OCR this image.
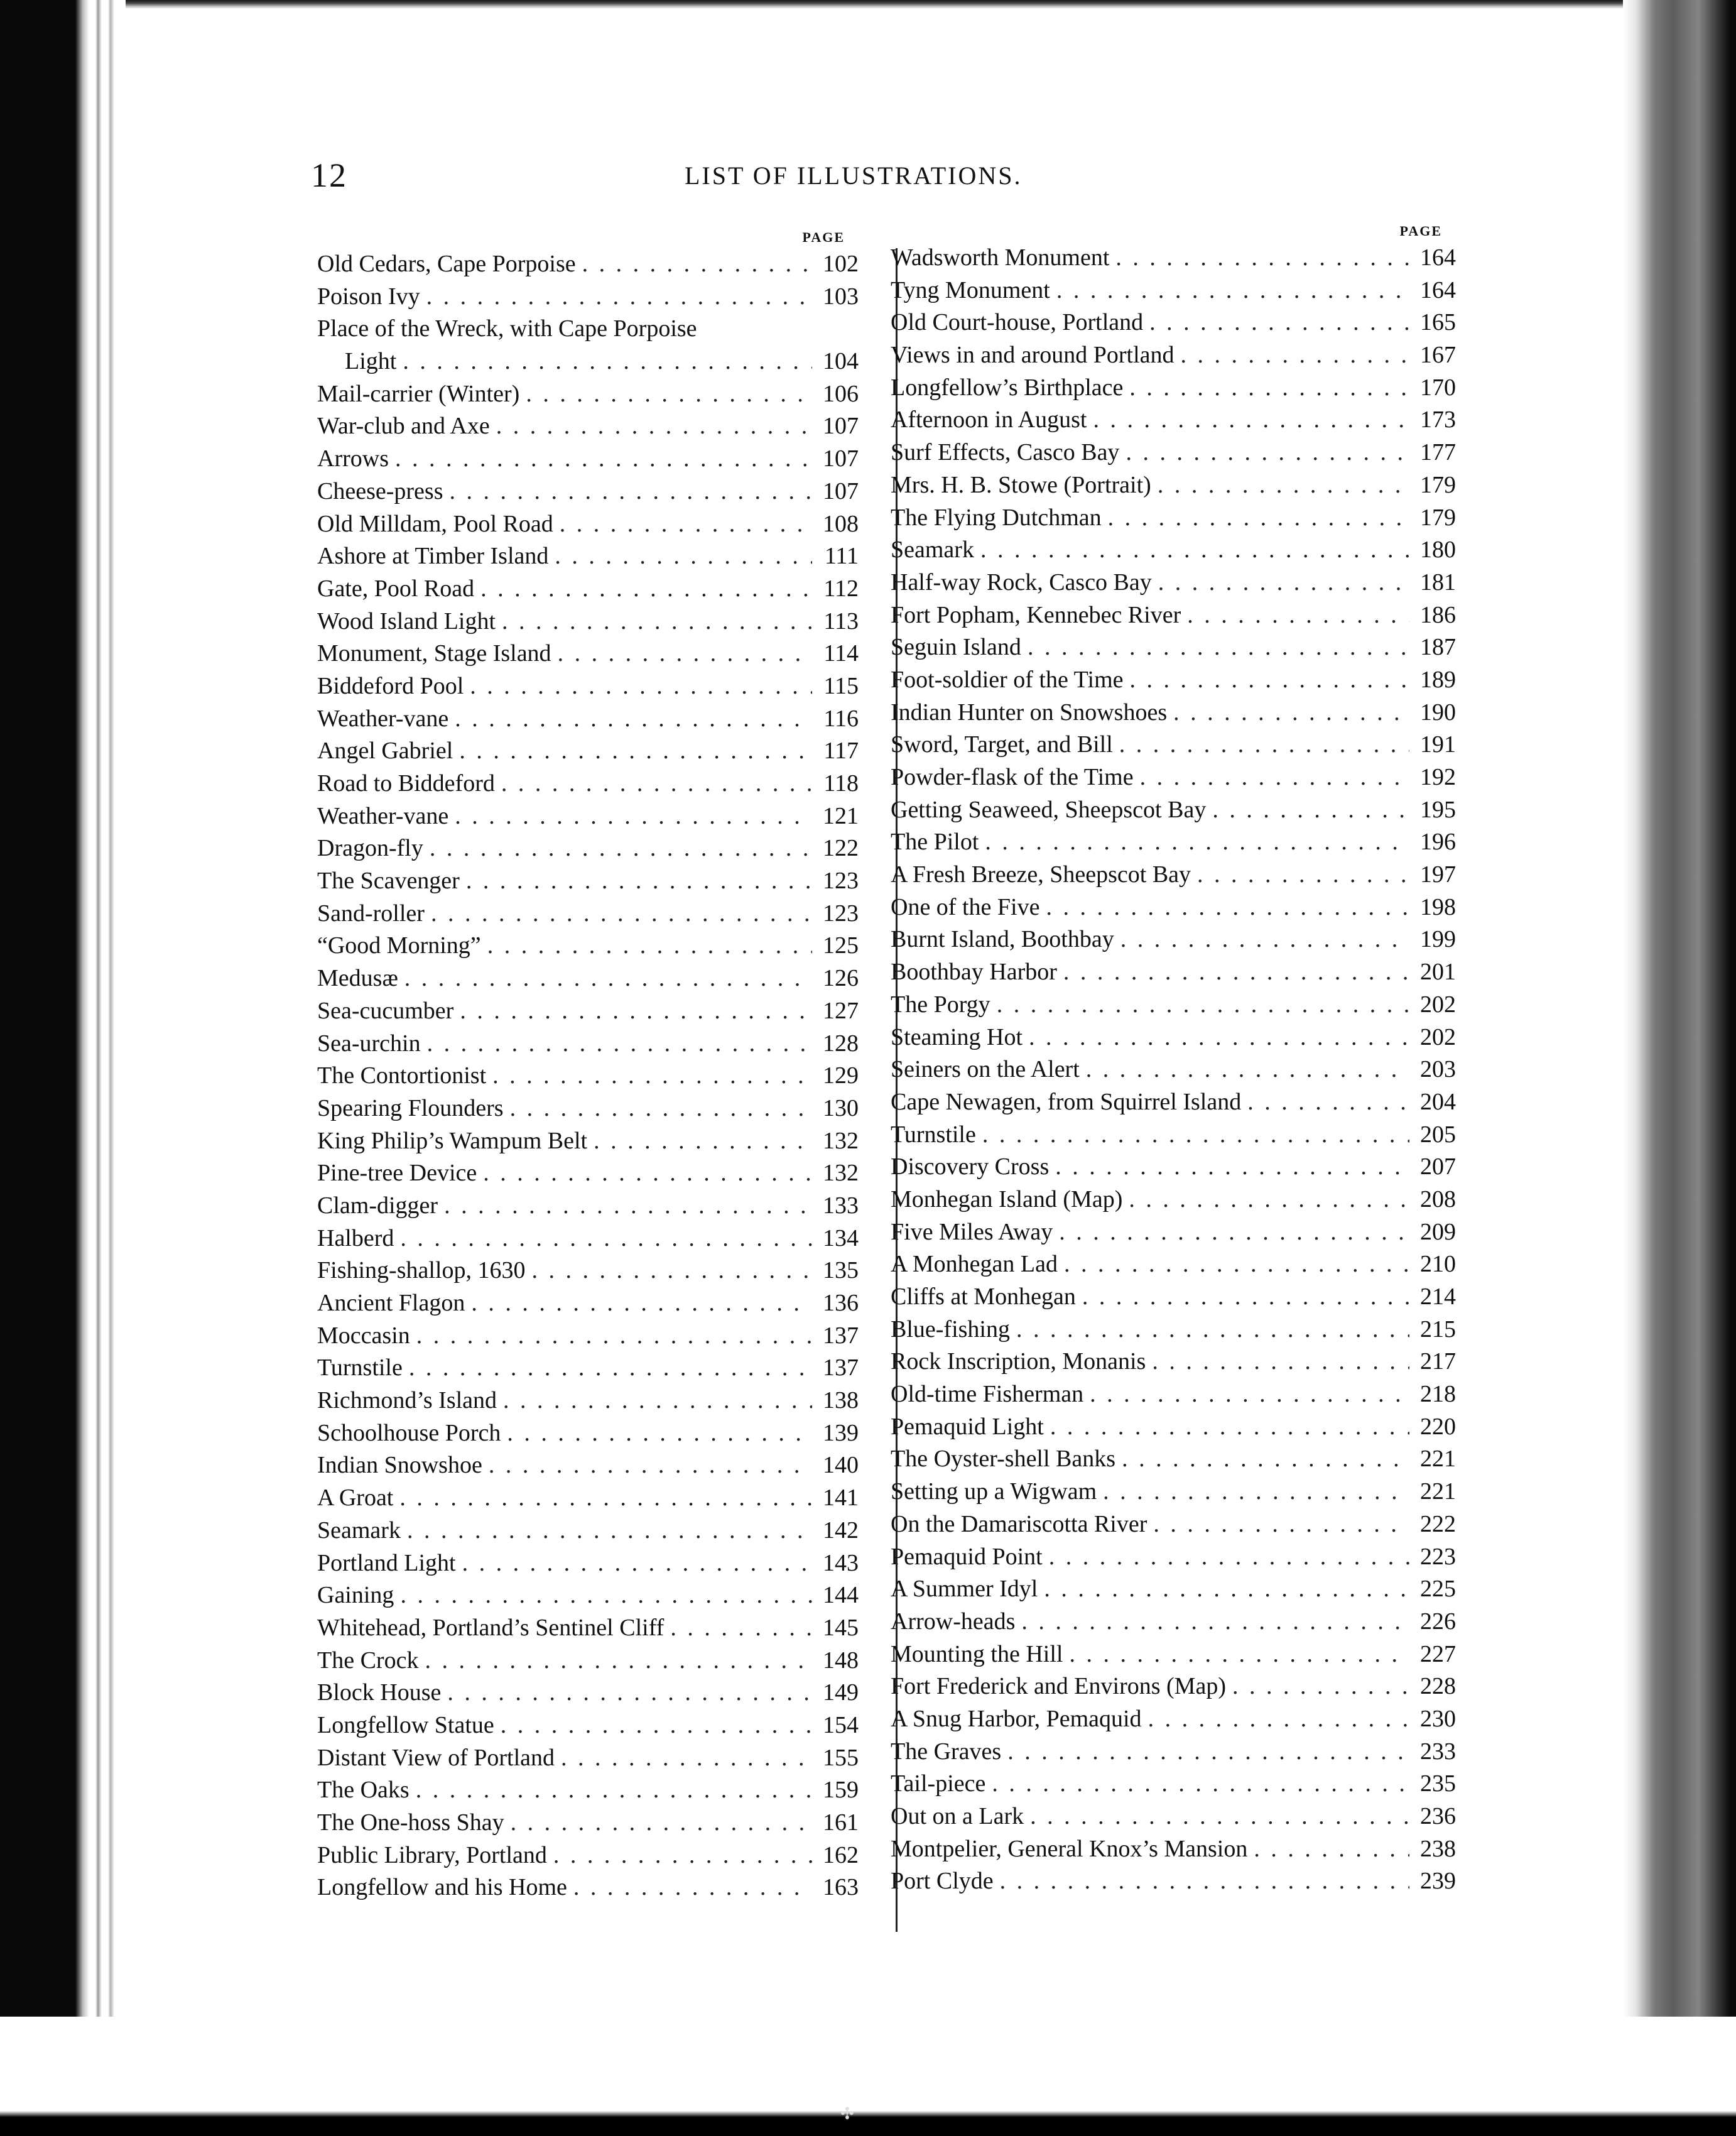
12	LIST OF ILLUSTRATIONS.
PAGE
Old Cedars, Cape Porpoise . . .	102
Poison Ivy . . .	103
Place of the Wreck, with Cape Porpoise
Light . . .	104
Mail-carrier (Winter) . . .	106
War-club and Axe . . .	107
Arrows . . .	107
Cheese-press . . .	107
Old Milldam, Pool Road . . .	108
Ashore at Timber Island . . .	111
Gate, Pool Road . . .	112
Wood Island Light . . .	113
Monument, Stage Island . . .	114
Biddeford Pool . . .	115
Weather-vane . . .	116
Angel Gabriel . . .	117
Road to Biddeford . . .	118
Weather-vane . . .	121
Dragon-fly . . .	122
The Scavenger . . .	123
Sand-roller . . .	123
“Good Morning” . . .	125
Medusæ . . .	126
Sea-cucumber . . .	127
Sea-urchin . . .	128
The Contortionist . . .	129
Spearing Flounders . . .	130
King Philip’s Wampum Belt . . .	132
Pine-tree Device . . .	132
Clam-digger . . .	133
Halberd . . .	134
Fishing-shallop, 1630 . . .	135
Ancient Flagon . . .	136
Moccasin . . .	137
Turnstile . . .	137
Richmond’s Island . . .	138
Schoolhouse Porch . . .	139
Indian Snowshoe . . .	140
A Groat . . .	141
Seamark . . .	142
Portland Light . . .	143
Gaining . . .	144
Whitehead, Portland’s Sentinel Cliff . . .	145
The Crock . . .	148
Block House . . .	149
Longfellow Statue . . .	154
Distant View of Portland . . .	155
The Oaks . . .	159
The One-hoss Shay . . .	161
Public Library, Portland . . .	162
Longfellow and his Home . . .	163
PAGE
Wadsworth Monument . . .	164
Tyng Monument . . .	164
Old Court-house, Portland . . .	165
Views in and around Portland . . .	167
Longfellow’s Birthplace . . .	170
Afternoon in August . . .	173
Surf Effects, Casco Bay . . .	177
Mrs. H. B. Stowe (Portrait) . . .	179
The Flying Dutchman . . .	179
Seamark . . .	180
Half-way Rock, Casco Bay . . .	181
Fort Popham, Kennebec River . . .	186
Seguin Island . . .	187
Foot-soldier of the Time . . .	189
Indian Hunter on Snowshoes . . .	190
Sword, Target, and Bill . . .	191
Powder-flask of the Time . . .	192
Getting Seaweed, Sheepscot Bay . . .	195
The Pilot . . .	196
A Fresh Breeze, Sheepscot Bay . . .	197
One of the Five . . .	198
Burnt Island, Boothbay . . .	199
Boothbay Harbor . . .	201
The Porgy . . .	202
Steaming Hot . . .	202
Seiners on the Alert . . .	203
Cape Newagen, from Squirrel Island . . .	204
Turnstile . . .	205
Discovery Cross . . .	207
Monhegan Island (Map) . . .	208
Five Miles Away . . .	209
A Monhegan Lad . . .	210
Cliffs at Monhegan . . .	214
Blue-fishing . . .	215
Rock Inscription, Monanis . . .	217
Old-time Fisherman . . .	218
Pemaquid Light . . .	220
The Oyster-shell Banks . . .	221
Setting up a Wigwam . . .	221
On the Damariscotta River . . .	222
Pemaquid Point . . .	223
A Summer Idyl . . .	225
Arrow-heads . . .	226
Mounting the Hill . . .	227
Fort Frederick and Environs (Map) . . .	228
A Snug Harbor, Pemaquid . . .	230
The Graves . . .	233
Tail-piece . . .	235
Out on a Lark . . .	236
Montpelier, General Knox’s Mansion . . .	238
Port Clyde . . .	239
✣
